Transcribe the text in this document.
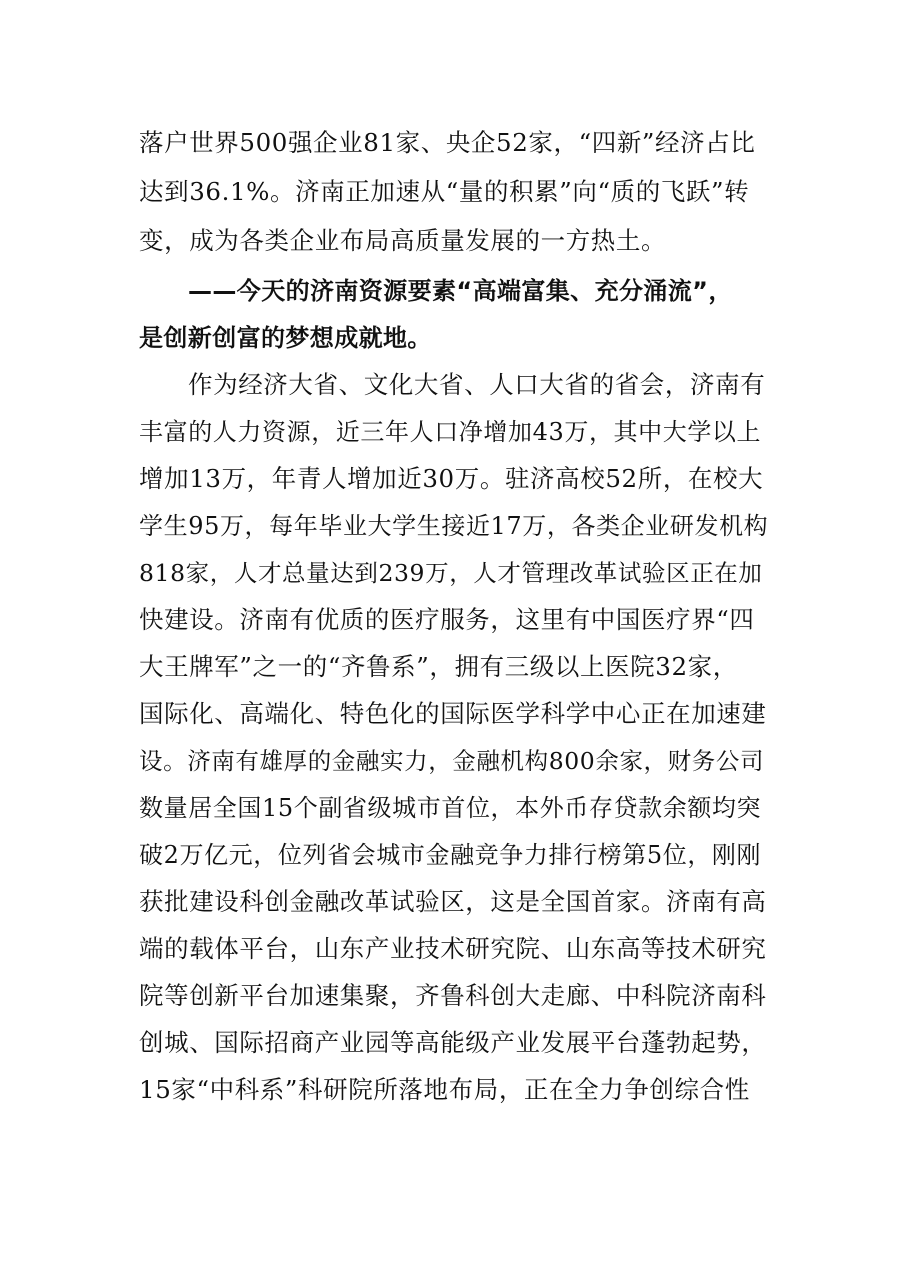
落户世界500强企业81家、央企52家，“四新”经济占比
达到36.1%。济南正加速从“量的积累”向“质的飞跃”转
变，成为各类企业布局高质量发展的一方热土。
——今天的济南资源要素“高端富集、充分涌流”，
是创新创富的梦想成就地。
作为经济大省、文化大省、人口大省的省会，济南有
丰富的人力资源，近三年人口净增加43万，其中大学以上
增加13万，年青人增加近30万。驻济高校52所，在校大
学生95万，每年毕业大学生接近17万，各类企业研发机构
818家，人才总量达到239万，人才管理改革试验区正在加
快建设。济南有优质的医疗服务，这里有中国医疗界“四
大王牌军”之一的“齐鲁系”，拥有三级以上医院32家，
国际化、高端化、特色化的国际医学科学中心正在加速建
设。济南有雄厚的金融实力，金融机构800余家，财务公司
数量居全国15个副省级城市首位，本外币存贷款余额均突
破2万亿元，位列省会城市金融竞争力排行榜第5位，刚刚
获批建设科创金融改革试验区，这是全国首家。济南有高
端的载体平台，山东产业技术研究院、山东高等技术研究
院等创新平台加速集聚，齐鲁科创大走廊、中科院济南科
创城、国际招商产业园等高能级产业发展平台蓬勃起势，
15家“中科系”科研院所落地布局，正在全力争创综合性
